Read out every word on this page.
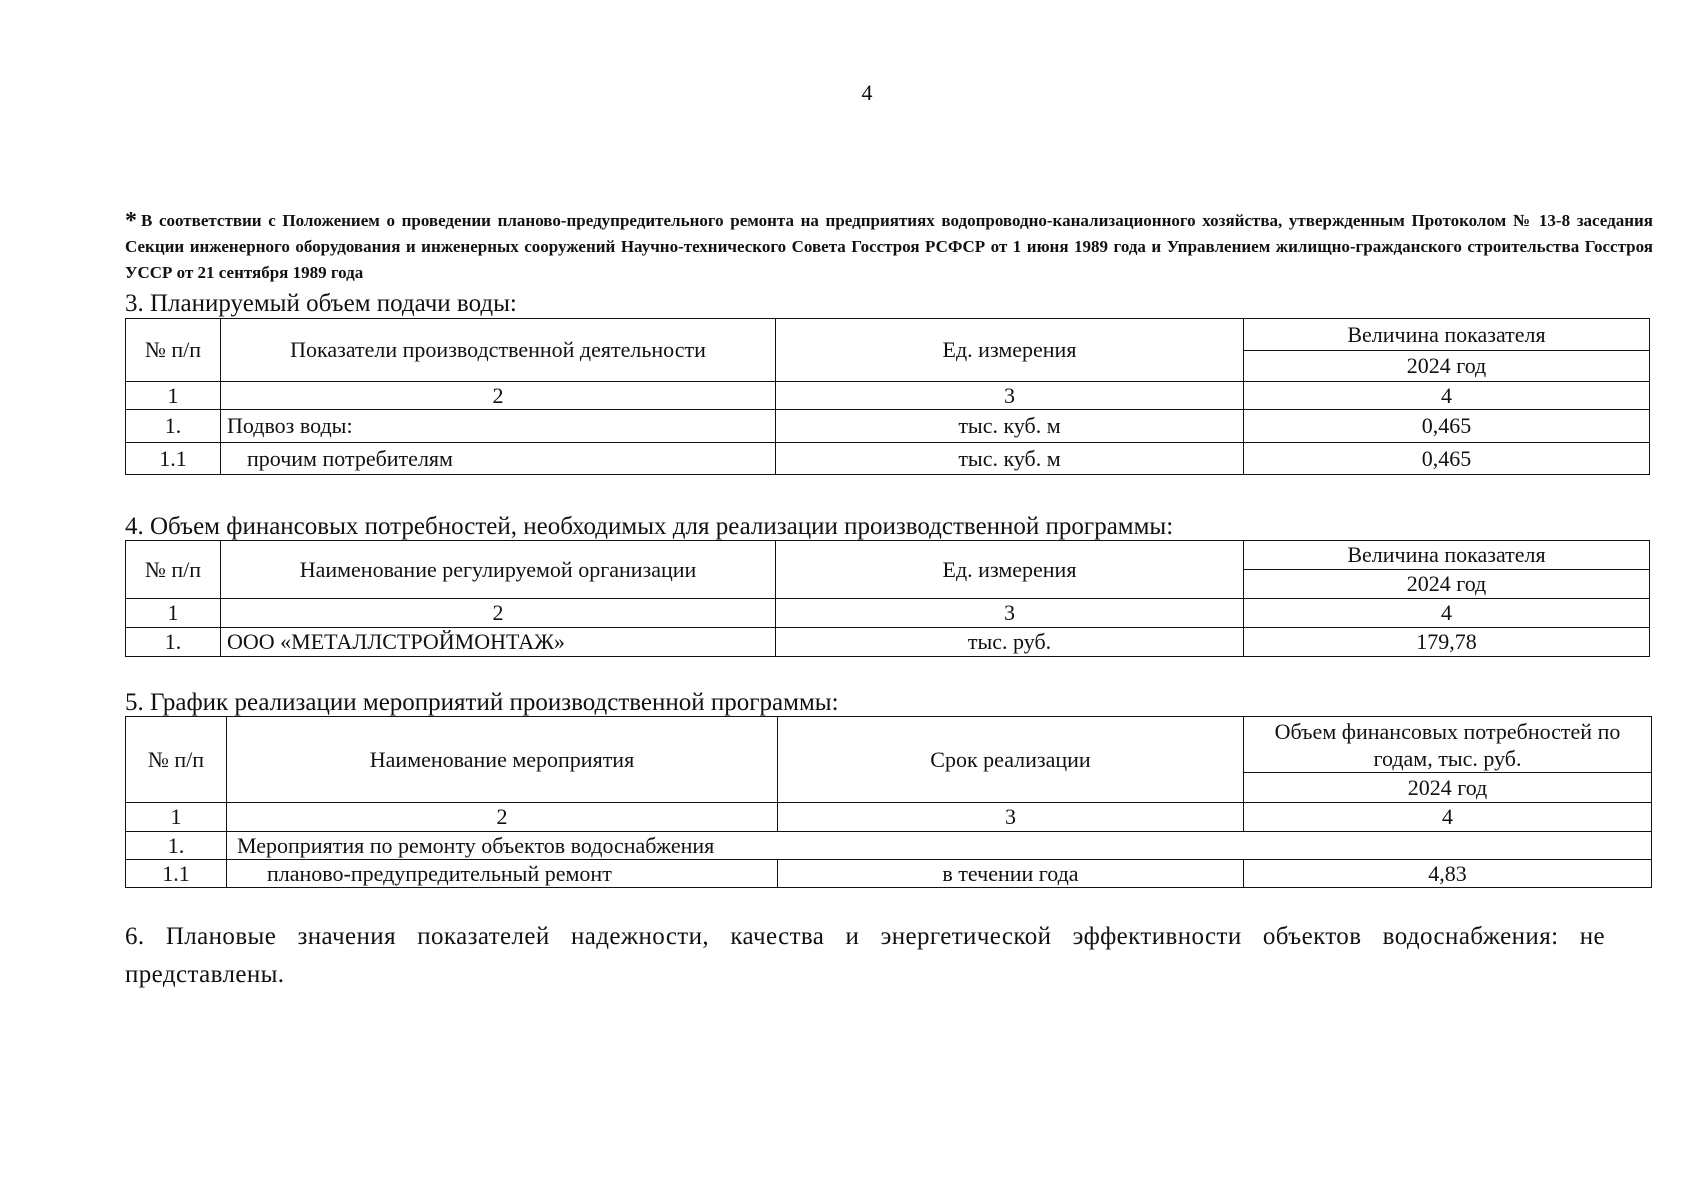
4
* В соответствии с Положением о проведении планово-предупредительного ремонта на предприятиях водопроводно-канализационного хозяйства, утвержденным Протоколом № 13-8 заседания Секции инженерного оборудования и инженерных сооружений Научно-технического Совета Госстроя РСФСР от 1 июня 1989 года и Управлением жилищно-гражданского строительства Госстроя УССР от 21 сентября 1989 года
3. Планируемый объем подачи воды:
№ п/п	Показатели производственной деятельности	Ед. измерения	Величина показателя
			2024 год
1	2	3	4
1.	Подвоз воды:	тыс. куб. м	0,465
1.1	прочим потребителям	тыс. куб. м	0,465
4. Объем финансовых потребностей, необходимых для реализации производственной программы:
№ п/п	Наименование регулируемой организации	Ед. измерения	Величина показателя
			2024 год
1	2	3	4
1.	ООО «МЕТАЛЛСТРОЙМОНТАЖ»	тыс. руб.	179,78
5. График реализации мероприятий производственной программы:
№ п/п	Наименование мероприятия	Срок реализации	Объем финансовых потребностей по годам, тыс. руб.
			2024 год
1	2	3	4
1.	Мероприятия по ремонту объектов водоснабжения		
1.1	планово-предупредительный ремонт	в течении года	4,83
6. Плановые значения показателей надежности, качества и энергетической эффективности объектов водоснабжения: не представлены.
